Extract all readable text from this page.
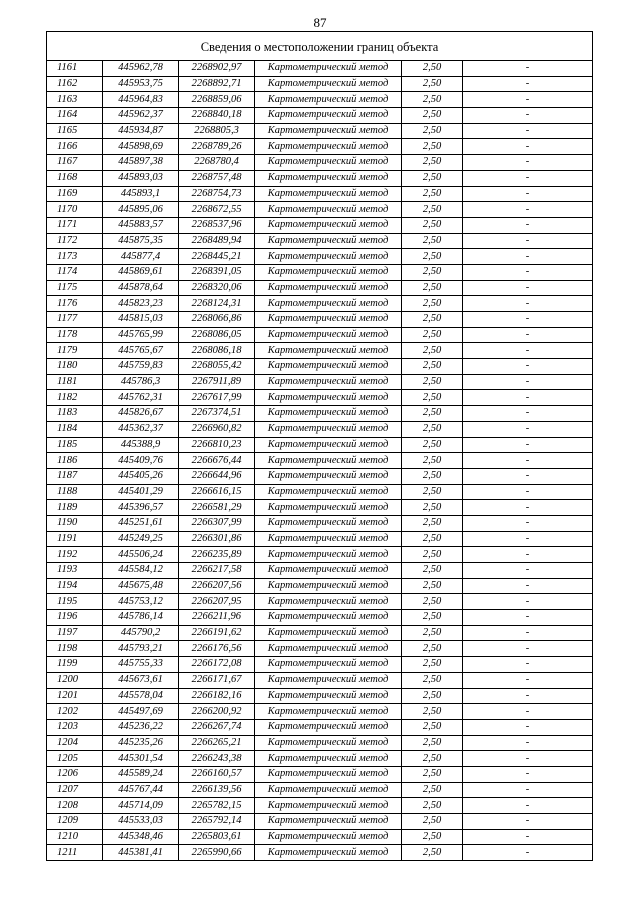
87
Сведения о местоположении границ объекта
1161	445962,78	2268902,97	Картометрический метод	2,50	-
1162	445953,75	2268892,71	Картометрический метод	2,50	-
1163	445964,83	2268859,06	Картометрический метод	2,50	-
1164	445962,37	2268840,18	Картометрический метод	2,50	-
1165	445934,87	2268805,3	Картометрический метод	2,50	-
1166	445898,69	2268789,26	Картометрический метод	2,50	-
1167	445897,38	2268780,4	Картометрический метод	2,50	-
1168	445893,03	2268757,48	Картометрический метод	2,50	-
1169	445893,1	2268754,73	Картометрический метод	2,50	-
1170	445895,06	2268672,55	Картометрический метод	2,50	-
1171	445883,57	2268537,96	Картометрический метод	2,50	-
1172	445875,35	2268489,94	Картометрический метод	2,50	-
1173	445877,4	2268445,21	Картометрический метод	2,50	-
1174	445869,61	2268391,05	Картометрический метод	2,50	-
1175	445878,64	2268320,06	Картометрический метод	2,50	-
1176	445823,23	2268124,31	Картометрический метод	2,50	-
1177	445815,03	2268066,86	Картометрический метод	2,50	-
1178	445765,99	2268086,05	Картометрический метод	2,50	-
1179	445765,67	2268086,18	Картометрический метод	2,50	-
1180	445759,83	2268055,42	Картометрический метод	2,50	-
1181	445786,3	2267911,89	Картометрический метод	2,50	-
1182	445762,31	2267617,99	Картометрический метод	2,50	-
1183	445826,67	2267374,51	Картометрический метод	2,50	-
1184	445362,37	2266960,82	Картометрический метод	2,50	-
1185	445388,9	2266810,23	Картометрический метод	2,50	-
1186	445409,76	2266676,44	Картометрический метод	2,50	-
1187	445405,26	2266644,96	Картометрический метод	2,50	-
1188	445401,29	2266616,15	Картометрический метод	2,50	-
1189	445396,57	2266581,29	Картометрический метод	2,50	-
1190	445251,61	2266307,99	Картометрический метод	2,50	-
1191	445249,25	2266301,86	Картометрический метод	2,50	-
1192	445506,24	2266235,89	Картометрический метод	2,50	-
1193	445584,12	2266217,58	Картометрический метод	2,50	-
1194	445675,48	2266207,56	Картометрический метод	2,50	-
1195	445753,12	2266207,95	Картометрический метод	2,50	-
1196	445786,14	2266211,96	Картометрический метод	2,50	-
1197	445790,2	2266191,62	Картометрический метод	2,50	-
1198	445793,21	2266176,56	Картометрический метод	2,50	-
1199	445755,33	2266172,08	Картометрический метод	2,50	-
1200	445673,61	2266171,67	Картометрический метод	2,50	-
1201	445578,04	2266182,16	Картометрический метод	2,50	-
1202	445497,69	2266200,92	Картометрический метод	2,50	-
1203	445236,22	2266267,74	Картометрический метод	2,50	-
1204	445235,26	2266265,21	Картометрический метод	2,50	-
1205	445301,54	2266243,38	Картометрический метод	2,50	-
1206	445589,24	2266160,57	Картометрический метод	2,50	-
1207	445767,44	2266139,56	Картометрический метод	2,50	-
1208	445714,09	2265782,15	Картометрический метод	2,50	-
1209	445533,03	2265792,14	Картометрический метод	2,50	-
1210	445348,46	2265803,61	Картометрический метод	2,50	-
1211	445381,41	2265990,66	Картометрический метод	2,50	-
